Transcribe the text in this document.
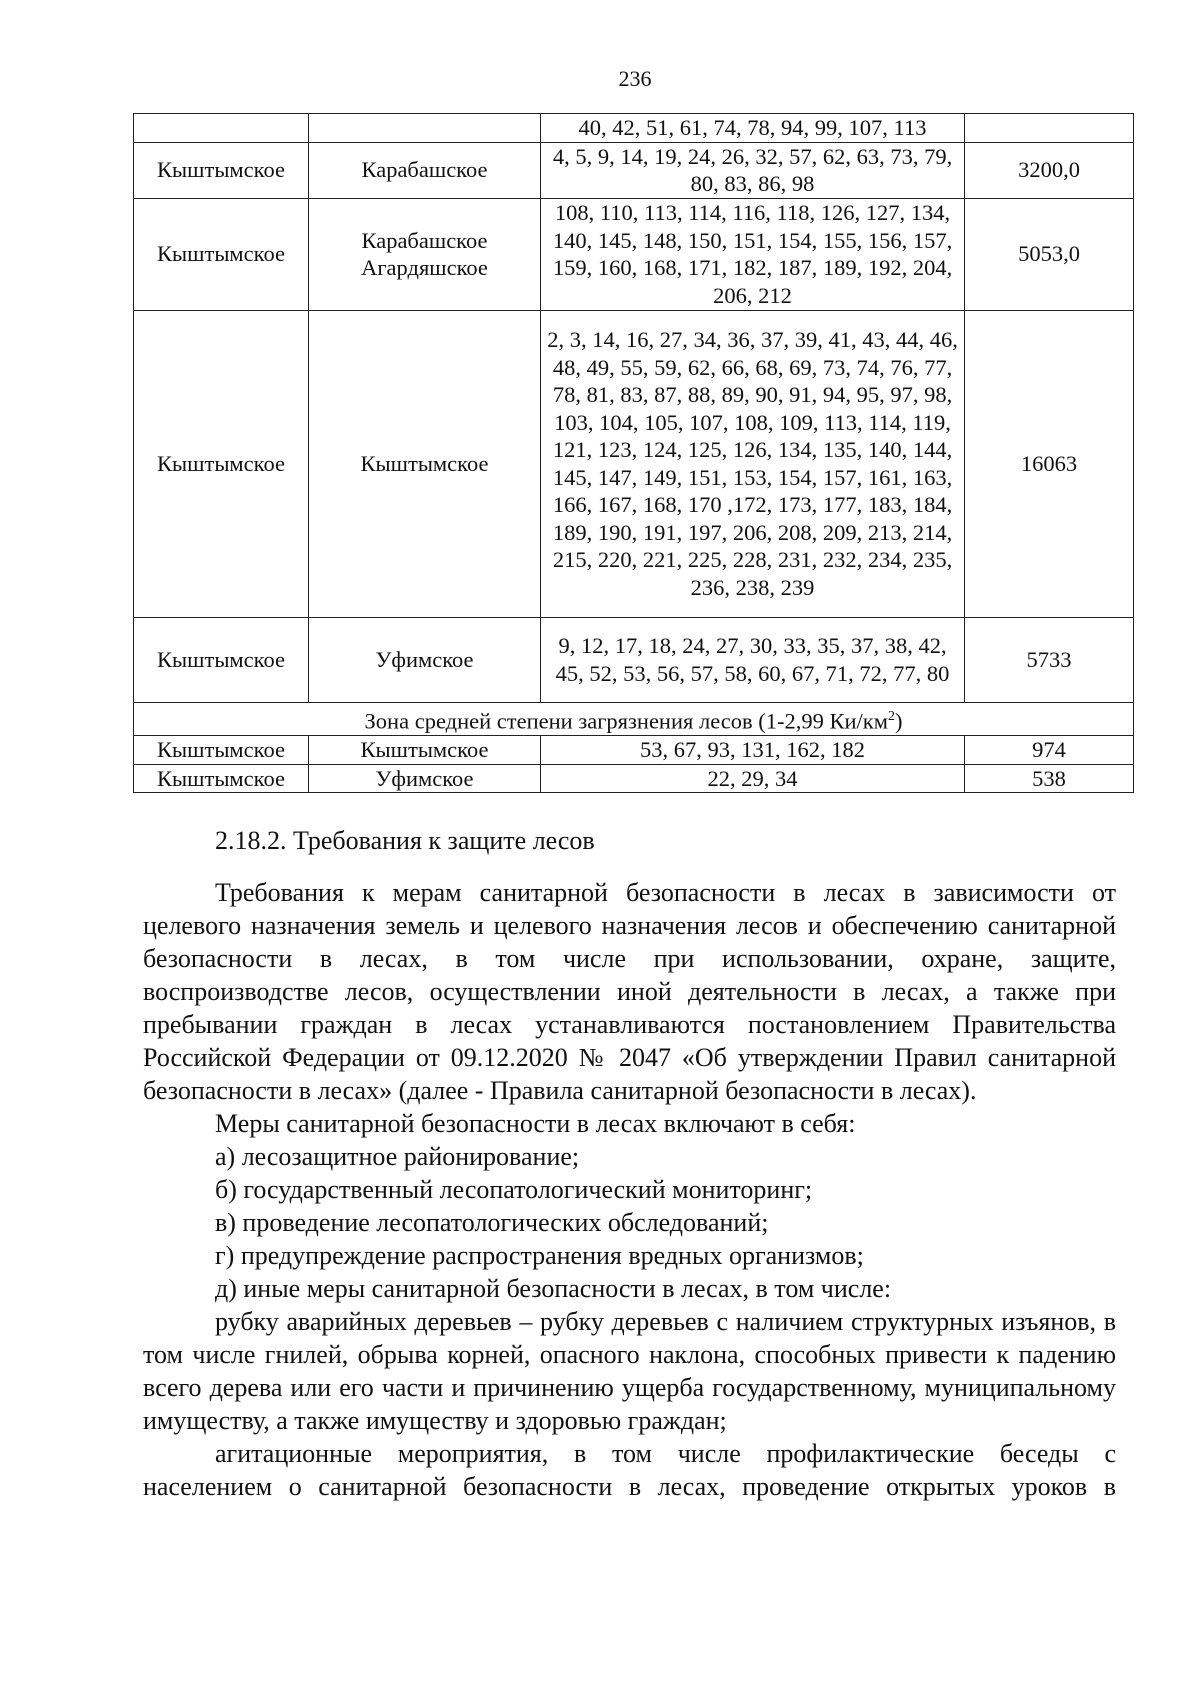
236
		40, 42, 51, 61, 74, 78, 94, 99, 107, 113	
Кыштымское	Карабашское	4, 5, 9, 14, 19, 24, 26, 32, 57, 62, 63, 73, 79, 80, 83, 86, 98	3200,0
Кыштымское	Карабашское Агардяшское	108, 110, 113, 114, 116, 118, 126, 127, 134, 140, 145, 148, 150, 151, 154, 155, 156, 157, 159, 160, 168, 171, 182, 187, 189, 192, 204, 206, 212	5053,0
Кыштымское	Кыштымское	2, 3, 14, 16, 27, 34, 36, 37, 39, 41, 43, 44, 46, 48, 49, 55, 59, 62, 66, 68, 69, 73, 74, 76, 77, 78, 81, 83, 87, 88, 89, 90, 91, 94, 95, 97, 98, 103, 104, 105, 107, 108, 109, 113, 114, 119, 121, 123, 124, 125, 126, 134, 135, 140, 144, 145, 147, 149, 151, 153, 154, 157, 161, 163, 166, 167, 168, 170 ,172, 173, 177, 183, 184, 189, 190, 191, 197, 206, 208, 209, 213, 214, 215, 220, 221, 225, 228, 231, 232, 234, 235, 236, 238, 239	16063
Кыштымское	Уфимское	9, 12, 17, 18, 24, 27, 30, 33, 35, 37, 38, 42, 45, 52, 53, 56, 57, 58, 60, 67, 71, 72, 77, 80	5733
Зона средней степени загрязнения лесов (1-2,99 $Ки/км^2$)			
Кыштымское	Кыштымское	53, 67, 93, 131, 162, 182	974
Кыштымское	Уфимское	22, 29, 34	538
2.18.2. Требования к защите лесов

Требования к мерам санитарной безопасности в лесах в зависимости от целевого назначения земель и целевого назначения лесов и обеспечению санитарной безопасности в лесах, в том числе при использовании, охране, защите, воспроизводстве лесов, осуществлении иной деятельности в лесах, а также при пребывании граждан в лесах устанавливаются постановлением Правительства Российской Федерации от 09.12.2020 № 2047 «Об утверждении Правил санитарной безопасности в лесах» (далее - Правила санитарной безопасности в лесах).

Меры санитарной безопасности в лесах включают в себя:

а) лесозащитное районирование;

б) государственный лесопатологический мониторинг;

в) проведение лесопатологических обследований;

г) предупреждение распространения вредных организмов;

д) иные меры санитарной безопасности в лесах, в том числе:

рубку аварийных деревьев – рубку деревьев с наличием структурных изъянов, в том числе гнилей, обрыва корней, опасного наклона, способных привести к падению всего дерева или его части и причинению ущерба государственному, муниципальному имуществу, а также имуществу и здоровью граждан;

агитационные мероприятия, в том числе профилактические беседы с населением о санитарной безопасности в лесах, проведение открытых уроков в
